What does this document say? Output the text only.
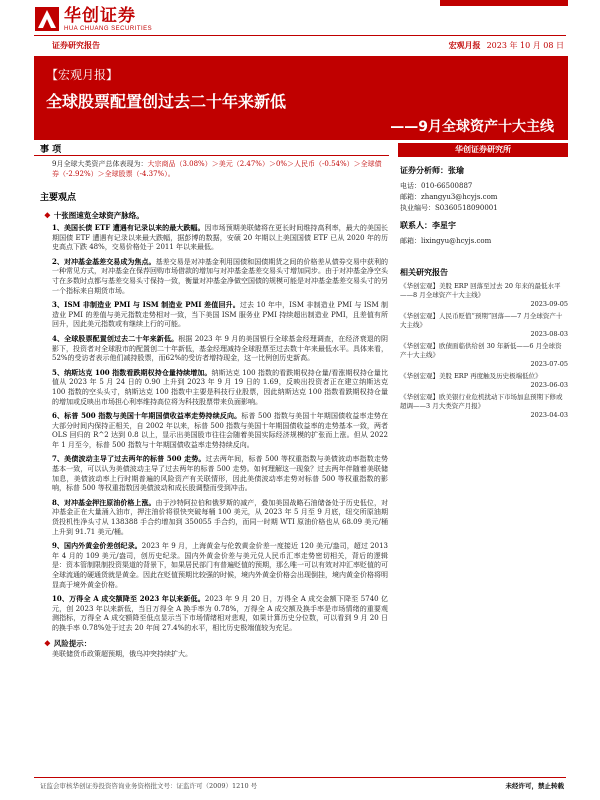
华创证券
HUA CHUANG SECURITIES
证券研究报告	宏观月报 2023 年 10 月 08 日
【宏观月报】
全球股票配置创过去二十年来新低
——9月全球资产十大主线
事 项
9月全球大类资产总体表现为：大宗商品（3.08%）＞美元（2.47%）＞0%＞人民币（-0.54%）＞全球债券（-2.92%）＞全球股票（-4.37%）。
主要观点
❖ 十张图速览全球资产脉络。
1、美国长债 ETF 遭遇有记录以来的最大跌幅。因市场预期美联储将在更长时间维持高利率，最大的美国长期国债 ETF 遭遇有记录以来最大跌幅，据彭博的数据，安硕 20 年期以上美国国债 ETF 已从 2020 年的历史高点下跌 48%，交易价格处于 2011 年以来最低。
2、对冲基金基差交易成为焦点。基差交易是对冲基金利用国债和国债期货之间的价格差从债券交易中获利的一种常见方式，对冲基金在保荐回购市场借款的增加与对冲基金基差交易头寸增加同步。由于对冲基金净空头寸在多数时点都与基差交易头寸保持一致，衡量对冲基金净做空国债的规模可能是对冲基金基差交易头寸的另一个指标来自期货市场。
3、ISM 非制造业 PMI 与 ISM 制造业 PMI 差值回升。过去 10 年中，ISM 非制造业 PMI 与 ISM 制造业 PMI 的差值与美元指数走势相对一致，当下美国 ISM 服务业 PMI 持续超出制造业 PMI，且差值有所回升，因此美元指数或有继续上行的可能。
4、全球股票配置创过去二十年来新低。根据 2023 年 9 月的美国银行全球基金经理调查，在经济衰退的阴影下，投资者对全球股市的配置创二十年新低，基金经理减持全球股票至过去数十年来最低水平。具体来看，52%的受访者表示他们减持股票，而62%的受访者增持现金，这一比例创历史新高。
5、纳斯达克 100 指数看跌期权持仓量持续增加。纳斯达克 100 指数的看跌期权持仓量/看涨期权持仓量比值从 2023 年 5 月 24 日的 0.90 上升到 2023 年 9 月 19 日的 1.69，反映出投资者正在建立纳斯达克 100 指数的空头头寸，纳斯达克 100 指数中主要是科技行业股票，因此纳斯达克 100 指数看跌期权持仓量的增加或反映出市场担心利率维持高位将为科技股票带来负面影响。
6、标普 500 指数与美国十年期国债收益率走势持续反向。标普 500 指数与美国十年期国债收益率走势在大部分时间内保持正相关，自 2002 年以来，标普 500 指数与美国十年期国债收益率的走势基本一致，两者 OLS 回归的 R^2 达到 0.8 以上，显示出美国股市往往会随着美国实际经济规模的扩张而上涨。但从 2022 年 1 月至今，标普 500 指数与十年期国债收益率走势持续反向。
7、美债波动主导了过去两年的标普 500 走势。过去两年间，标普 500 等权重指数与美债波动率指数走势基本一致，可以认为美债波动主导了过去两年的标普 500 走势。如何理解这一现象？过去两年伴随着美联储加息，美债波动率上行时期普遍的风险资产有关联情形，因此美债波动率走势对标普 500 等权重指数的影响，标普 500 等权重指数因美债波动和成长股调整而受到冲击。
8、对冲基金押注原油价格上涨。由于沙特阿拉伯和俄罗斯的减产，叠加美国战略石油储备处于历史低位，对冲基金正在大量涌入油市，押注油价将很快突破每桶 100 美元，从 2023 年 5 月至 9 月底，纽交所原油期货投机性净头寸从 138388 手合约增加到 350055 手合约，而同一时期 WTI 原油价格也从 68.09 美元/桶上升到 91.71 美元/桶。
9、国内外黄金价差创纪录。2023 年 9 月，上海黄金与伦敦黄金价差一度接近 120 美元/盎司，超过 2013 年 4 月的 109 美元/盎司，创历史纪录。国内外黄金价差与美元兑人民币汇率走势密切相关，背后的逻辑是：资本管制限制投资渠道的背景下，如果居民部门有普遍贬值的预期，那么唯一可以有效对冲汇率贬值的可全球流通的硬通货就是黄金。因此在贬值预期比较强的时候，境内外黄金价格会出现倒挂，境内黄金价格将明显高于境外黄金价格。
10、万得全 A 成交额降至 2023 年以来新低。2023 年 9 月 20 日，万得全 A 成交金额下降至 5740 亿元，创 2023 年以来新低，当日万得全 A 换手率为 0.78%，万得全 A 成交额及换手率是市场情绪的重要观测指标，万得全 A 成交额降至低点显示当下市场情绪相对悲观，如果计算历史分位数，可以看到 9 月 20 日的换手率 0.78%处于过去 20 年间 27.4%的水平，相比历史极端值较为充足。
❖ 风险提示：
美联储货币政策超预期，俄乌冲突持续扩大。
华创证券研究所
证券分析师：张瑜
电话：010-66500887
邮箱：zhangyu3@hcyjs.com
执业编号：S0360518090001
联系人：李星宇
邮箱：lixingyu@hcyjs.com
相关研究报告
《华创宏观】美股 ERP 回落至过去 20 年来的最低水平——8 月全球资产十大主线》
2023-09-05
《华创宏观】人民币贬值“预期”回落——7 月全球资产十大主线》
2023-08-03
《华创宏观】欧债面临供给创 30 年新低——6 月全球资产十大主线》
2023-07-05
《华创宏观】美股 ERP 再度触及历史极端低位》
2023-06-03
《华创宏观】欧美银行业危机扰动下市场加息预期下修或超调——3 月大类资产月报》
2023-04-03
证监会审核华创证券投资咨询业务资格批文号：证监许可（2009）1210 号	未经许可，禁止转载
